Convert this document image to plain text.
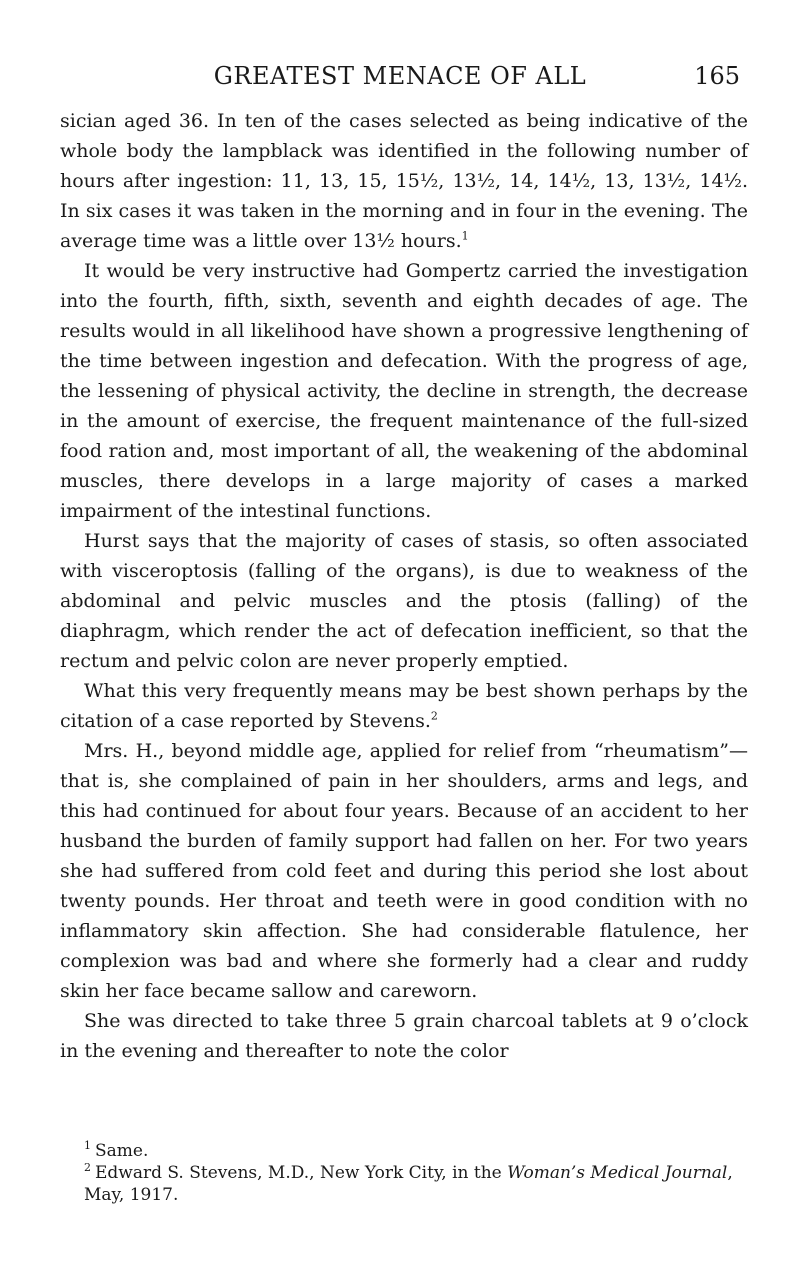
GREATEST MENACE OF ALL	165

sician aged 36. In ten of the cases selected as being indicative of the whole body the lampblack was identified in the following number of hours after ingestion: 11, 13, 15, 15½, 13½, 14, 14½, 13, 13½, 14½. In six cases it was taken in the morning and in four in the evening. The average time was a little over 13½ hours.$^1$

It would be very instructive had Gompertz carried the investigation into the fourth, fifth, sixth, seventh and eighth decades of age. The results would in all likelihood have shown a progressive lengthening of the time between ingestion and defecation. With the progress of age, the lessening of physical activity, the decline in strength, the decrease in the amount of exercise, the frequent maintenance of the full-sized food ration and, most important of all, the weakening of the abdominal muscles, there develops in a large majority of cases a marked impairment of the intestinal functions.

Hurst says that the majority of cases of stasis, so often associated with visceroptosis (falling of the organs), is due to weakness of the abdominal and pelvic muscles and the ptosis (falling) of the diaphragm, which render the act of defecation inefficient, so that the rectum and pelvic colon are never properly emptied.

What this very frequently means may be best shown perhaps by the citation of a case reported by Stevens.$^2$

Mrs. H., beyond middle age, applied for relief from “rheumatism”—that is, she complained of pain in her shoulders, arms and legs, and this had continued for about four years. Because of an accident to her husband the burden of family support had fallen on her. For two years she had suffered from cold feet and during this period she lost about twenty pounds. Her throat and teeth were in good condition with no inflammatory skin affection. She had considerable flatulence, her complexion was bad and where she formerly had a clear and ruddy skin her face became sallow and careworn.

She was directed to take three 5 grain charcoal tablets at 9 o’clock in the evening and thereafter to note the color

$^1$ Same.

$^2$ Edward S. Stevens, M.D., New York City, in the Woman’s Medical Journal, May, 1917.
